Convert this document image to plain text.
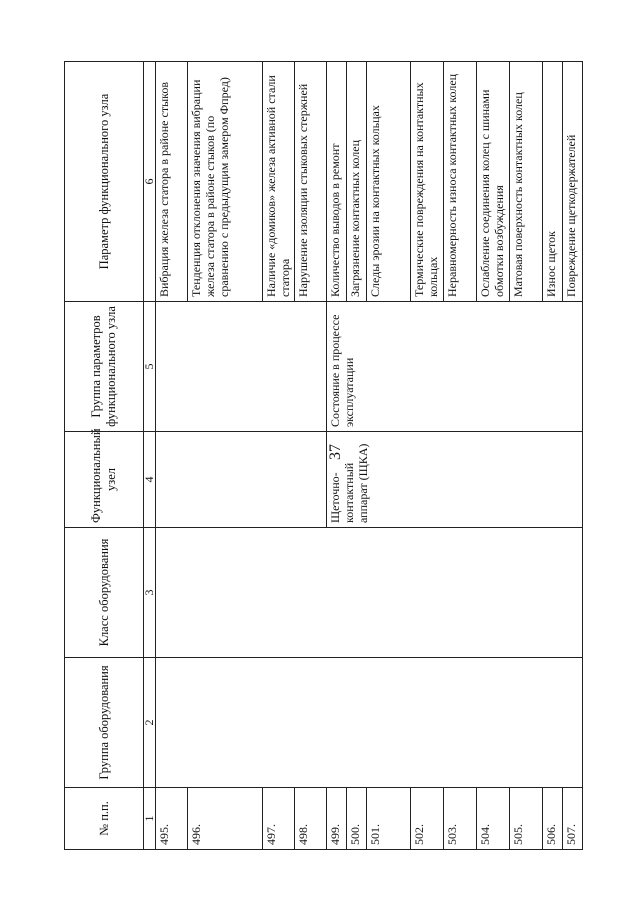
37
№ п.п.	Группа оборудования	Класс оборудования	Функциональный узел	Группа параметров функционального узла	Параметр функционального узла
1	2	3	4	5	6
495.					Вибрация железа статора в районе стыков
496.					Тенденция отклонения значения вибрации железа статора в районе стыков (по сравнению с предыдущим замером Фпред)
497.					Наличие «домиков» железа активной стали статора
498.					Нарушение изоляции стыковых стержней
499.			Щеточно-контактный аппарат (ЩКА)	Состояние в процессе эксплуатации	Количество выводов в ремонт
500.					Загрязнение контактных колец
501.					Следы эрозии на контактных кольцах
502.					Термические повреждения на контактных кольцах
503.					Неравномерность износа контактных колец
504.					Ослабление соединения колец с шинами обмотки возбуждения
505.					Матовая поверхность контактных колец
506.					Износ щеток
507.					Повреждение щеткодержателей
